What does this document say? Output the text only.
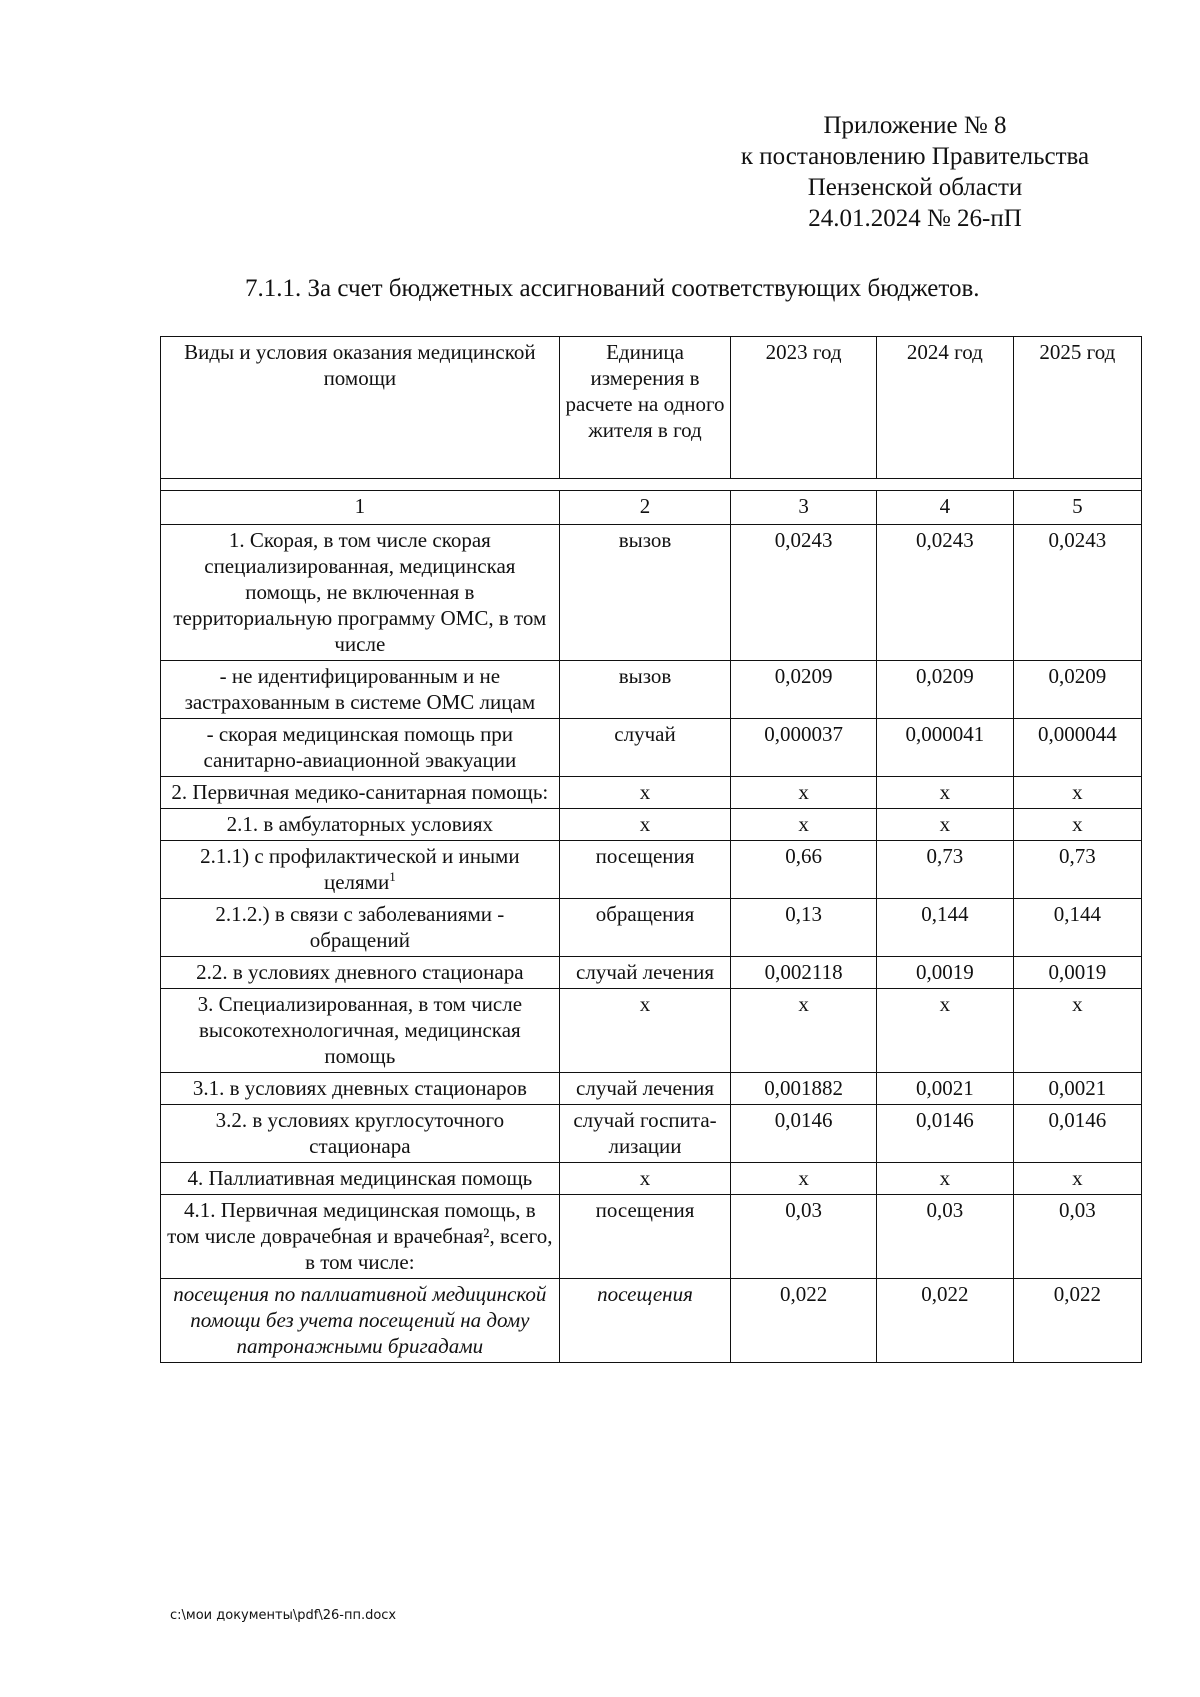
Приложение № 8
к постановлению Правительства
Пензенской области
24.01.2024 № 26-пП
7.1.1. За счет бюджетных ассигнований соответствующих бюджетов.
Виды и условия оказания медицинской помощи	Единица измерения в расчете на одного жителя в год	2023 год	2024 год	2025 год

1	2	3	4	5
1. Скорая, в том числе скорая специализированная, медицинская помощь, не включенная в территориальную программу ОМС, в том числе	вызов	0,0243	0,0243	0,0243
- не идентифицированным и не застрахованным в системе ОМС лицам	вызов	0,0209	0,0209	0,0209
- скорая медицинская помощь при санитарно-авиационной эвакуации	случай	0,000037	0,000041	0,000044
2. Первичная медико-санитарная помощь:	х	х	х	х
2.1. в амбулаторных условиях	х	х	х	х
2.1.1) с профилактической и иными целями$^1$	посещения	0,66	0,73	0,73
2.1.2.) в связи с заболеваниями - обращений	обращения	0,13	0,144	0,144
2.2. в условиях дневного стационара	случай лечения	0,002118	0,0019	0,0019
3. Специализированная, в том числе высокотехнологичная, медицинская помощь	х	х	х	х
3.1. в условиях дневных стационаров	случай лечения	0,001882	0,0021	0,0021
3.2. в условиях круглосуточного стационара	случай госпита-лизации	0,0146	0,0146	0,0146
4. Паллиативная медицинская помощь	х	х	х	х
4.1. Первичная медицинская помощь, в том числе доврачебная и врачебная², всего, в том числе:	посещения	0,03	0,03	0,03
посещения по паллиативной медицинской помощи без учета посещений на дому патронажными бригадами	посещения	0,022	0,022	0,022
c:\мои документы\pdf\26-пп.docx
